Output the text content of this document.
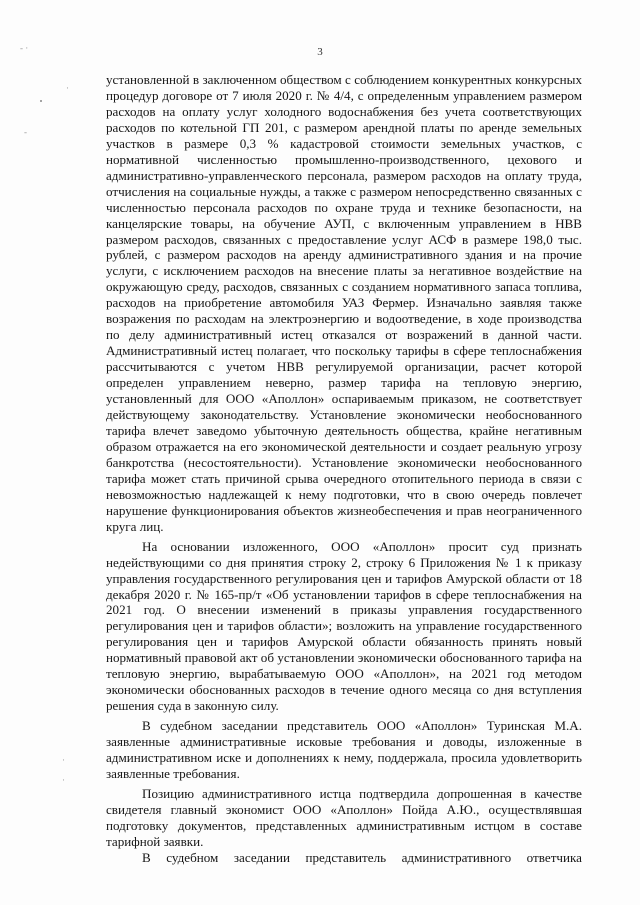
3
‐ ·
·
‐
·
·

установленной в заключенном обществом с соблюдением конкурентных конкурсных процедур договоре от 7 июля 2020 г. № 4/4, с определенным управлением размером расходов на оплату услуг холодного водоснабжения без учета соответствующих расходов по котельной ГП 201, с размером арендной платы по аренде земельных участков в размере 0,3 % кадастровой стоимости земельных участков, с нормативной численностью промышленно-производственного, цехового и административно-управленческого персонала, размером расходов на оплату труда, отчисления на социальные нужды, а также с размером непосредственно связанных с численностью персонала расходов по охране труда и технике безопасности, на канцелярские товары, на обучение АУП, с включенным управлением в НВВ размером расходов, связанных с предоставление услуг АСФ в размере 198,0 тыс. рублей, с размером расходов на аренду административного здания и на прочие услуги, с исключением расходов на внесение платы за негативное воздействие на окружающую среду, расходов, связанных с созданием нормативного запаса топлива, расходов на приобретение автомобиля УАЗ Фермер. Изначально заявляя также возражения по расходам на электроэнергию и водоотведение, в ходе производства по делу административный истец отказался от возражений в данной части. Административный истец полагает, что поскольку тарифы в сфере теплоснабжения рассчитываются с учетом НВВ регулируемой организации, расчет которой определен управлением неверно, размер тарифа на тепловую энергию, установленный для ООО «Аполлон» оспариваемым приказом, не соответствует действующему законодательству. Установление экономически необоснованного тарифа влечет заведомо убыточную деятельность общества, крайне негативным образом отражается на его экономической деятельности и создает реальную угрозу банкротства (несостоятельности). Установление экономически необоснованного тарифа может стать причиной срыва очередного отопительного периода в связи с невозможностью надлежащей к нему подготовки, что в свою очередь повлечет нарушение функционирования объектов жизнеобеспечения и прав неограниченного круга лиц.

На основании изложенного, ООО «Аполлон» просит суд признать недействующими со дня принятия строку 2, строку 6 Приложения № 1 к приказу управления государственного регулирования цен и тарифов Амурской области от 18 декабря 2020 г. № 165-пр/т «Об установлении тарифов в сфере теплоснабжения на 2021 год. О внесении изменений в приказы управления государственного регулирования цен и тарифов области»; возложить на управление государственного регулирования цен и тарифов Амурской области обязанность принять новый нормативный правовой акт об установлении экономически обоснованного тарифа на тепловую энергию, вырабатываемую ООО «Аполлон», на 2021 год методом экономически обоснованных расходов в течение одного месяца со дня вступления решения суда в законную силу.

В судебном заседании представитель ООО «Аполлон» Туринская М.А. заявленные административные исковые требования и доводы, изложенные в административном иске и дополнениях к нему, поддержала, просила удовлетворить заявленные требования.

Позицию административного истца подтвердила допрошенная в качестве свидетеля главный экономист ООО «Аполлон» Пойда А.Ю., осуществлявшая подготовку документов, представленных административным истцом в составе тарифной заявки.

В судебном заседании представитель административного ответчика
